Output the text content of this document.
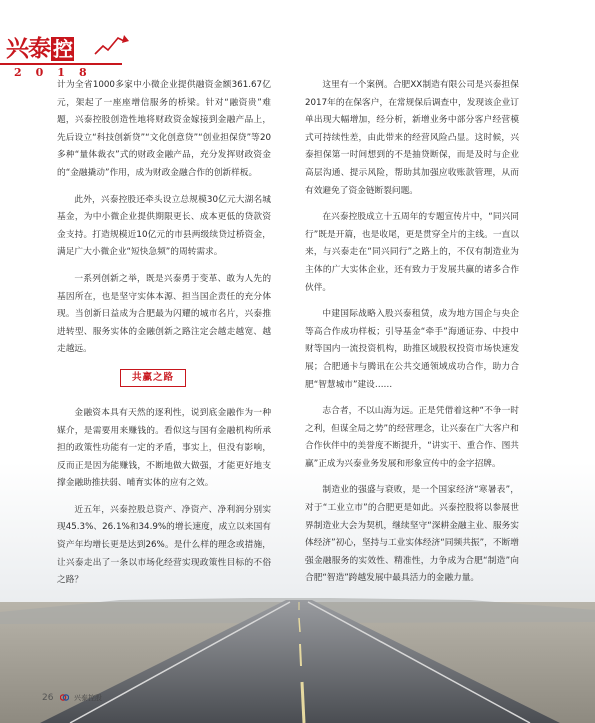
兴泰 控
2018

计为全省1000多家中小微企业提供融资金额361.67亿元，架起了一座座增信服务的桥梁。针对“融资贵”难题，兴泰控股创造性地将财政资金嫁接到金融产品上，先后设立“科技创新贷”“文化创意贷”“创业担保贷”等20多种“量体裁衣”式的财政金融产品，充分发挥财政资金的“金融撬动”作用，成为财政金融合作的创新样板。

此外，兴泰控股还牵头设立总规模30亿元大湖名城基金，为中小微企业提供期限更长、成本更低的贷款资金支持。打造规模近10亿元的市县两级续贷过桥资金，满足广大小微企业“短快急频”的周转需求。

一系列创新之举，既是兴泰勇于变革、敢为人先的基因所在，也是坚守实体本源、担当国企责任的充分体现。当创新日益成为合肥最为闪耀的城市名片，兴泰推进转型、服务实体的金融创新之路注定会越走越宽、越走越远。

共赢之路

金融资本具有天然的逐利性，说到底金融作为一种媒介，是需要用来赚钱的。看似这与国有金融机构所承担的政策性功能有一定的矛盾，事实上，但没有影响，反而正是因为能赚钱，不断地做大做强，才能更好地支撑金融助推扶弱、哺育实体的应有之效。

近五年，兴泰控股总资产、净资产、净利润分别实现45.3%、26.1%和34.9%的增长速度，成立以来国有资产年均增长更是达到26%。是什么样的理念或措施，让兴泰走出了一条以市场化经营实现政策性目标的不俗之路？

这里有一个案例。合肥XX制造有限公司是兴泰担保2017年的在保客户，在常规保后调查中，发现该企业订单出现大幅增加，经分析，新增业务中部分客户经营模式可持续性差，由此带来的经营风险凸显。这时候，兴泰担保第一时间想到的不是抽贷断保，而是及时与企业高层沟通、提示风险，帮助其加强应收账款管理，从而有效避免了资金链断裂问题。

在兴泰控股成立十五周年的专题宣传片中，“同兴同行”既是开篇，也是收尾，更是贯穿全片的主线。一直以来，与兴泰走在“同兴同行”之路上的，不仅有制造业为主体的广大实体企业，还有致力于发展共赢的诸多合作伙伴。

中建国际战略入股兴泰租赁，成为地方国企与央企等高合作成功样板；引导基金“牵手”海通证券、中投中财等国内一流投资机构，助推区域股权投资市场快速发展；合肥通卡与腾讯在公共交通领域成功合作，助力合肥“智慧城市”建设……

志合者，不以山海为远。正是凭借着这种“不争一时之利，但谋全局之势”的经营理念，让兴泰在广大客户和合作伙伴中的美誉度不断提升，“讲实干、重合作、图共赢”正成为兴泰业务发展和形象宣传中的金字招牌。

制造业的强盛与衰败，是一个国家经济“寒暑表”，对于“工业立市”的合肥更是如此。兴泰控股将以参展世界制造业大会为契机，继续坚守“深耕金融主业、服务实体经济”初心，坚持与工业实体经济“同频共振”，不断增强金融服务的实效性、精准性，力争成为合肥“制造”向合肥“智造”跨越发展中最具活力的金融力量。

26	兴泰控股
